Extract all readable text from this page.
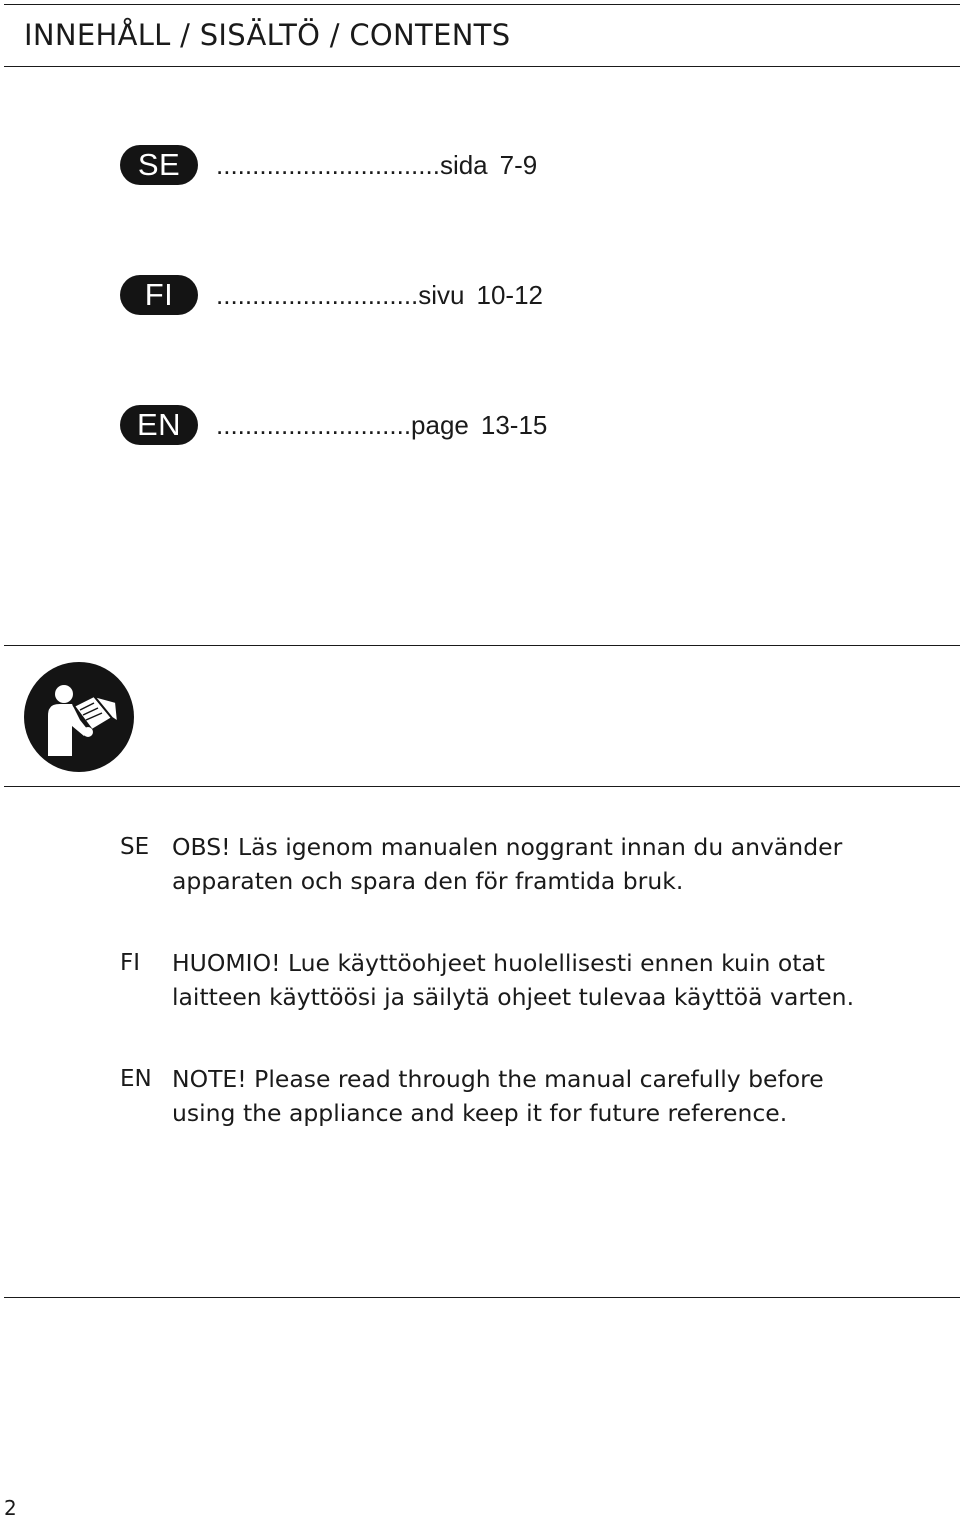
INNEHÅLL / SISÄLTÖ / CONTENTS
SE	............................... sida 7-9
FI	............................ sivu 10-12
EN	........................... page 13-15
SE OBS! Läs igenom manualen noggrant innan du använder apparaten och spara den för framtida bruk.

FI	HUOMIO! Lue käyttöohjeet huolellisesti ennen kuin otat laitteen käyttöösi ja säilytä ohjeet tulevaa käyttöä varten.

EN NOTE! Please read through the manual carefully before using the appliance and keep it for future reference.

2
